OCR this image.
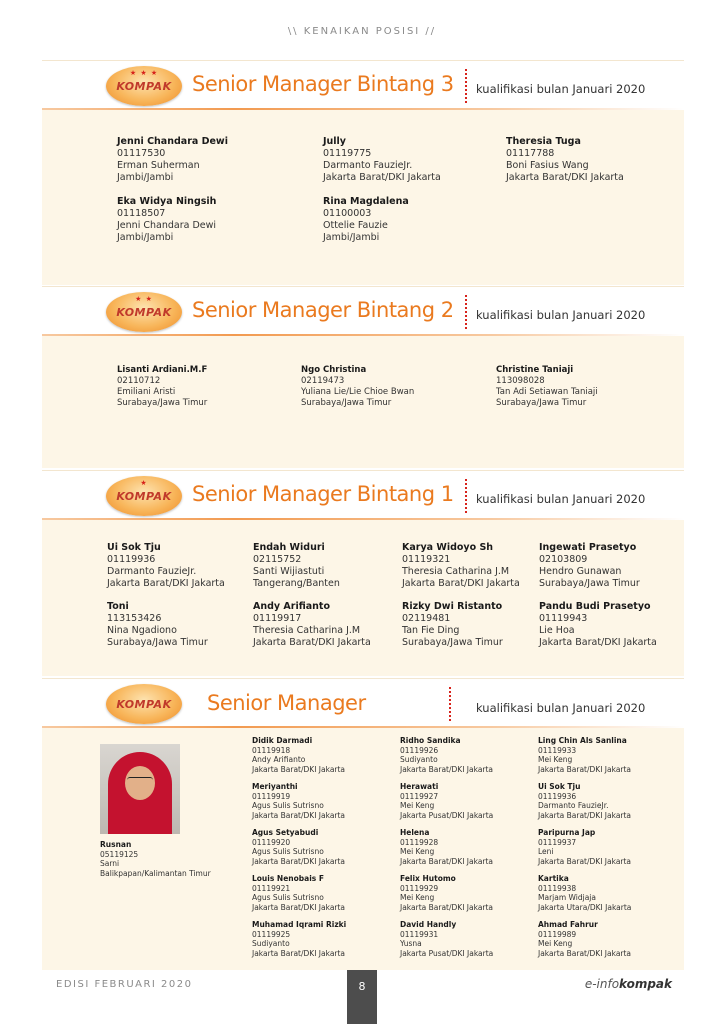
\\ KENAIKAN POSISI //
★ ★ ★
KOMPAK Senior Manager Bintang 3 kualifikasi bulan Januari 2020
Jenni Chandara Dewi
01117530
Erman Suherman
Jambi/Jambi
Jully
01119775
Darmanto FauzieJr.
Jakarta Barat/DKI Jakarta
Theresia Tuga
01117788
Boni Fasius Wang
Jakarta Barat/DKI Jakarta
Eka Widya Ningsih
01118507
Jenni Chandara Dewi
Jambi/Jambi
Rina Magdalena
01100003
Ottelie Fauzie
Jambi/Jambi
★ ★
KOMPAK Senior Manager Bintang 2 kualifikasi bulan Januari 2020
Lisanti Ardiani.M.F
02110712
Emiliani Aristi
Surabaya/Jawa Timur
Ngo Christina
02119473
Yuliana Lie/Lie Chioe Bwan
Surabaya/Jawa Timur
Christine Taniaji
113098028
Tan Adi Setiawan Taniaji
Surabaya/Jawa Timur
★
KOMPAK Senior Manager Bintang 1 kualifikasi bulan Januari 2020
Ui Sok Tju
01119936
Darmanto FauzieJr.
Jakarta Barat/DKI Jakarta
Endah Widuri
02115752
Santi Wijiastuti
Tangerang/Banten
Karya Widoyo Sh
01119321
Theresia Catharina J.M
Jakarta Barat/DKI Jakarta
Ingewati Prasetyo
02103809
Hendro Gunawan
Surabaya/Jawa Timur
Toni
113153426
Nina Ngadiono
Surabaya/Jawa Timur
Andy Arifianto
01119917
Theresia Catharina J.M
Jakarta Barat/DKI Jakarta
Rizky Dwi Ristanto
02119481
Tan Fie Ding
Surabaya/Jawa Timur
Pandu Budi Prasetyo
01119943
Lie Hoa
Jakarta Barat/DKI Jakarta
KOMPAK	Senior Manager	kualifikasi bulan Januari 2020
Rusnan
05119125
Sarni
Balikpapan/Kalimantan Timur
Didik Darmadi
01119918
Andy Arifianto
Jakarta Barat/DKI Jakarta
Meriyanthi
01119919
Agus Sulis Sutrisno
Jakarta Barat/DKI Jakarta
Agus Setyabudi
01119920
Agus Sulis Sutrisno
Jakarta Barat/DKI Jakarta
Louis Nenobais F
01119921
Agus Sulis Sutrisno
Jakarta Barat/DKI Jakarta
Muhamad Iqrami Rizki
01119925
Sudiyanto
Jakarta Barat/DKI Jakarta
Ridho Sandika
01119926
Sudiyanto
Jakarta Barat/DKI Jakarta
Herawati
01119927
Mei Keng
Jakarta Pusat/DKI Jakarta
Helena
01119928
Mei Keng
Jakarta Barat/DKI Jakarta
Felix Hutomo
01119929
Mei Keng
Jakarta Barat/DKI Jakarta
David Handly
01119931
Yusna
Jakarta Pusat/DKI Jakarta
Ling Chin Als Sanlina
01119933
Mei Keng
Jakarta Barat/DKI Jakarta
Ui Sok Tju
01119936
Darmanto FauzieJr.
Jakarta Barat/DKI Jakarta
Paripurna Jap
01119937
Leni
Jakarta Barat/DKI Jakarta
Kartika
01119938
Marjam Widjaja
Jakarta Utara/DKI Jakarta
Ahmad Fahrur
01119989
Mei Keng
Jakarta Barat/DKI Jakarta
EDISI FEBRUARI 2020	8	e-infokompak
